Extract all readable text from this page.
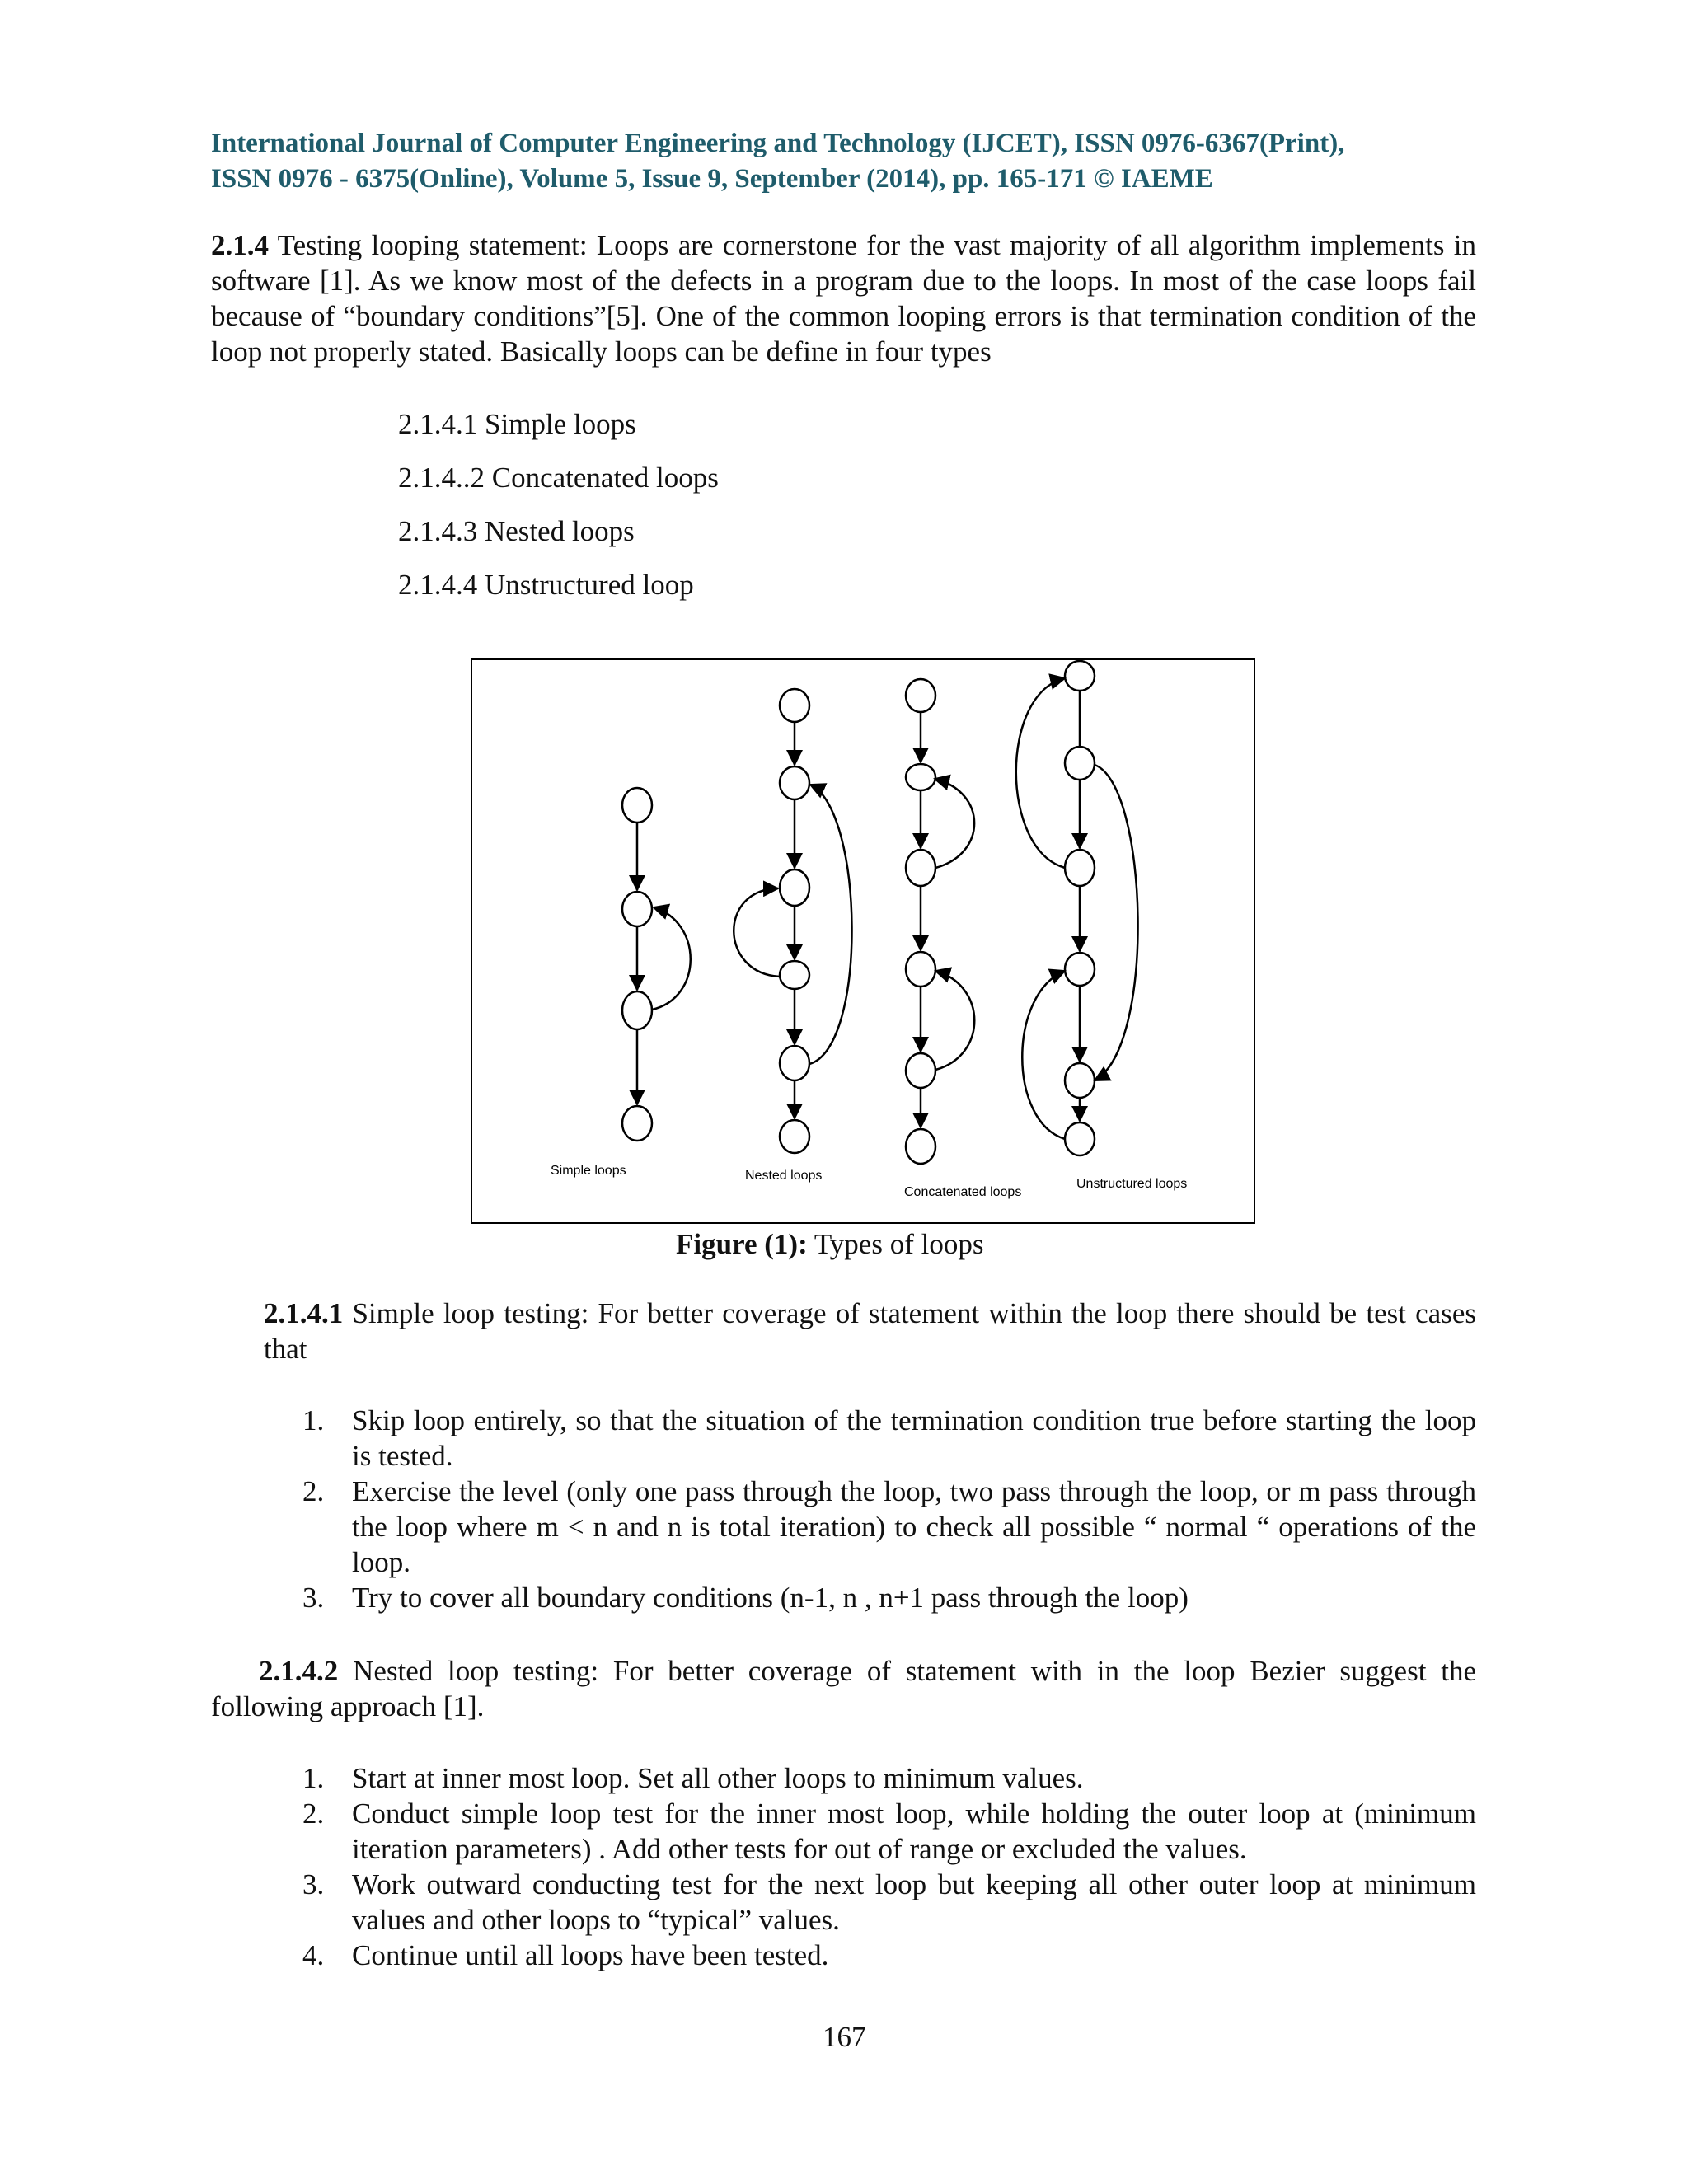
International Journal of Computer Engineering and Technology (IJCET), ISSN 0976-6367(Print),
ISSN 0976 - 6375(Online), Volume 5, Issue 9, September (2014), pp. 165-171 © IAEME
2.1.4 Testing looping statement: Loops are cornerstone for the vast majority of all algorithm implements in software [1]. As we know most of the defects in a program due to the loops. In most of the case loops fail because of “boundary conditions”[5]. One of the common looping errors is that termination condition of the loop not properly stated. Basically loops can be define in four types
2.1.4.1 Simple loops
2.1.4..2 Concatenated loops
2.1.4.3 Nested loops
2.1.4.4 Unstructured loop
Simple loops	Nested loops
Concatenated loops
Unstructured loops
Figure (1): Types of loops
2.1.4.1 Simple loop testing: For better coverage of statement within the loop there should be test cases that
1. Skip loop entirely, so that the situation of the termination condition true before starting the loop is tested.
2. Exercise the level (only one pass through the loop, two pass through the loop, or m pass through the loop where m < n and n is total iteration) to check all possible “ normal “ operations of the loop.
3. Try to cover all boundary conditions (n-1, n , n+1 pass through the loop)
2.1.4.2 Nested loop testing: For better coverage of statement with in the loop Bezier suggest the following approach [1].
1. Start at inner most loop. Set all other loops to minimum values.
2. Conduct simple loop test for the inner most loop, while holding the outer loop at (minimum iteration parameters) . Add other tests for out of range or excluded the values.
3. Work outward conducting test for the next loop but keeping all other outer loop at minimum values and other loops to “typical” values.
4. Continue until all loops have been tested.
167
